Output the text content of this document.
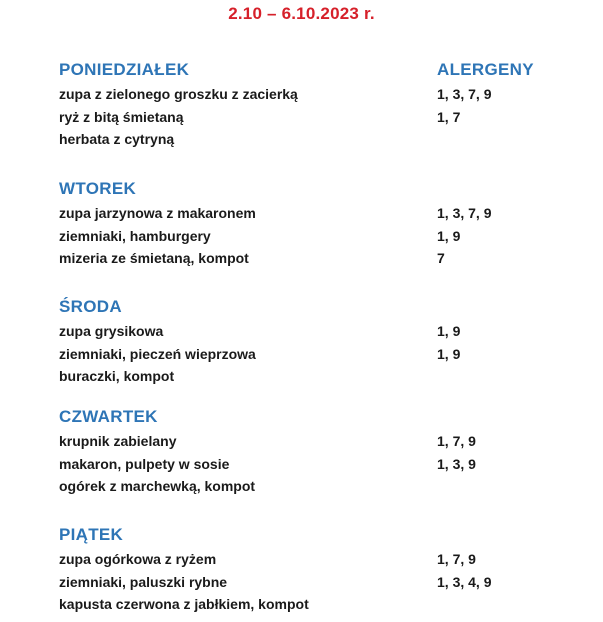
2.10 – 6.10.2023 r.
PONIEDZIAŁEK	ALERGENY
zupa z zielonego groszku z zacierką	1, 3, 7, 9
ryż z bitą śmietaną	1, 7
herbata z cytryną
WTOREK
zupa jarzynowa z makaronem	1, 3, 7, 9
ziemniaki, hamburgery	1, 9
mizeria ze śmietaną, kompot	7
ŚRODA
zupa grysikowa	1, 9
ziemniaki, pieczeń wieprzowa	1, 9
buraczki, kompot
CZWARTEK
krupnik zabielany	1, 7, 9
makaron, pulpety w sosie	1, 3, 9
ogórek z marchewką, kompot
PIĄTEK
zupa ogórkowa z ryżem	1, 7, 9
ziemniaki, paluszki rybne	1, 3, 4, 9
kapusta czerwona z jabłkiem, kompot
